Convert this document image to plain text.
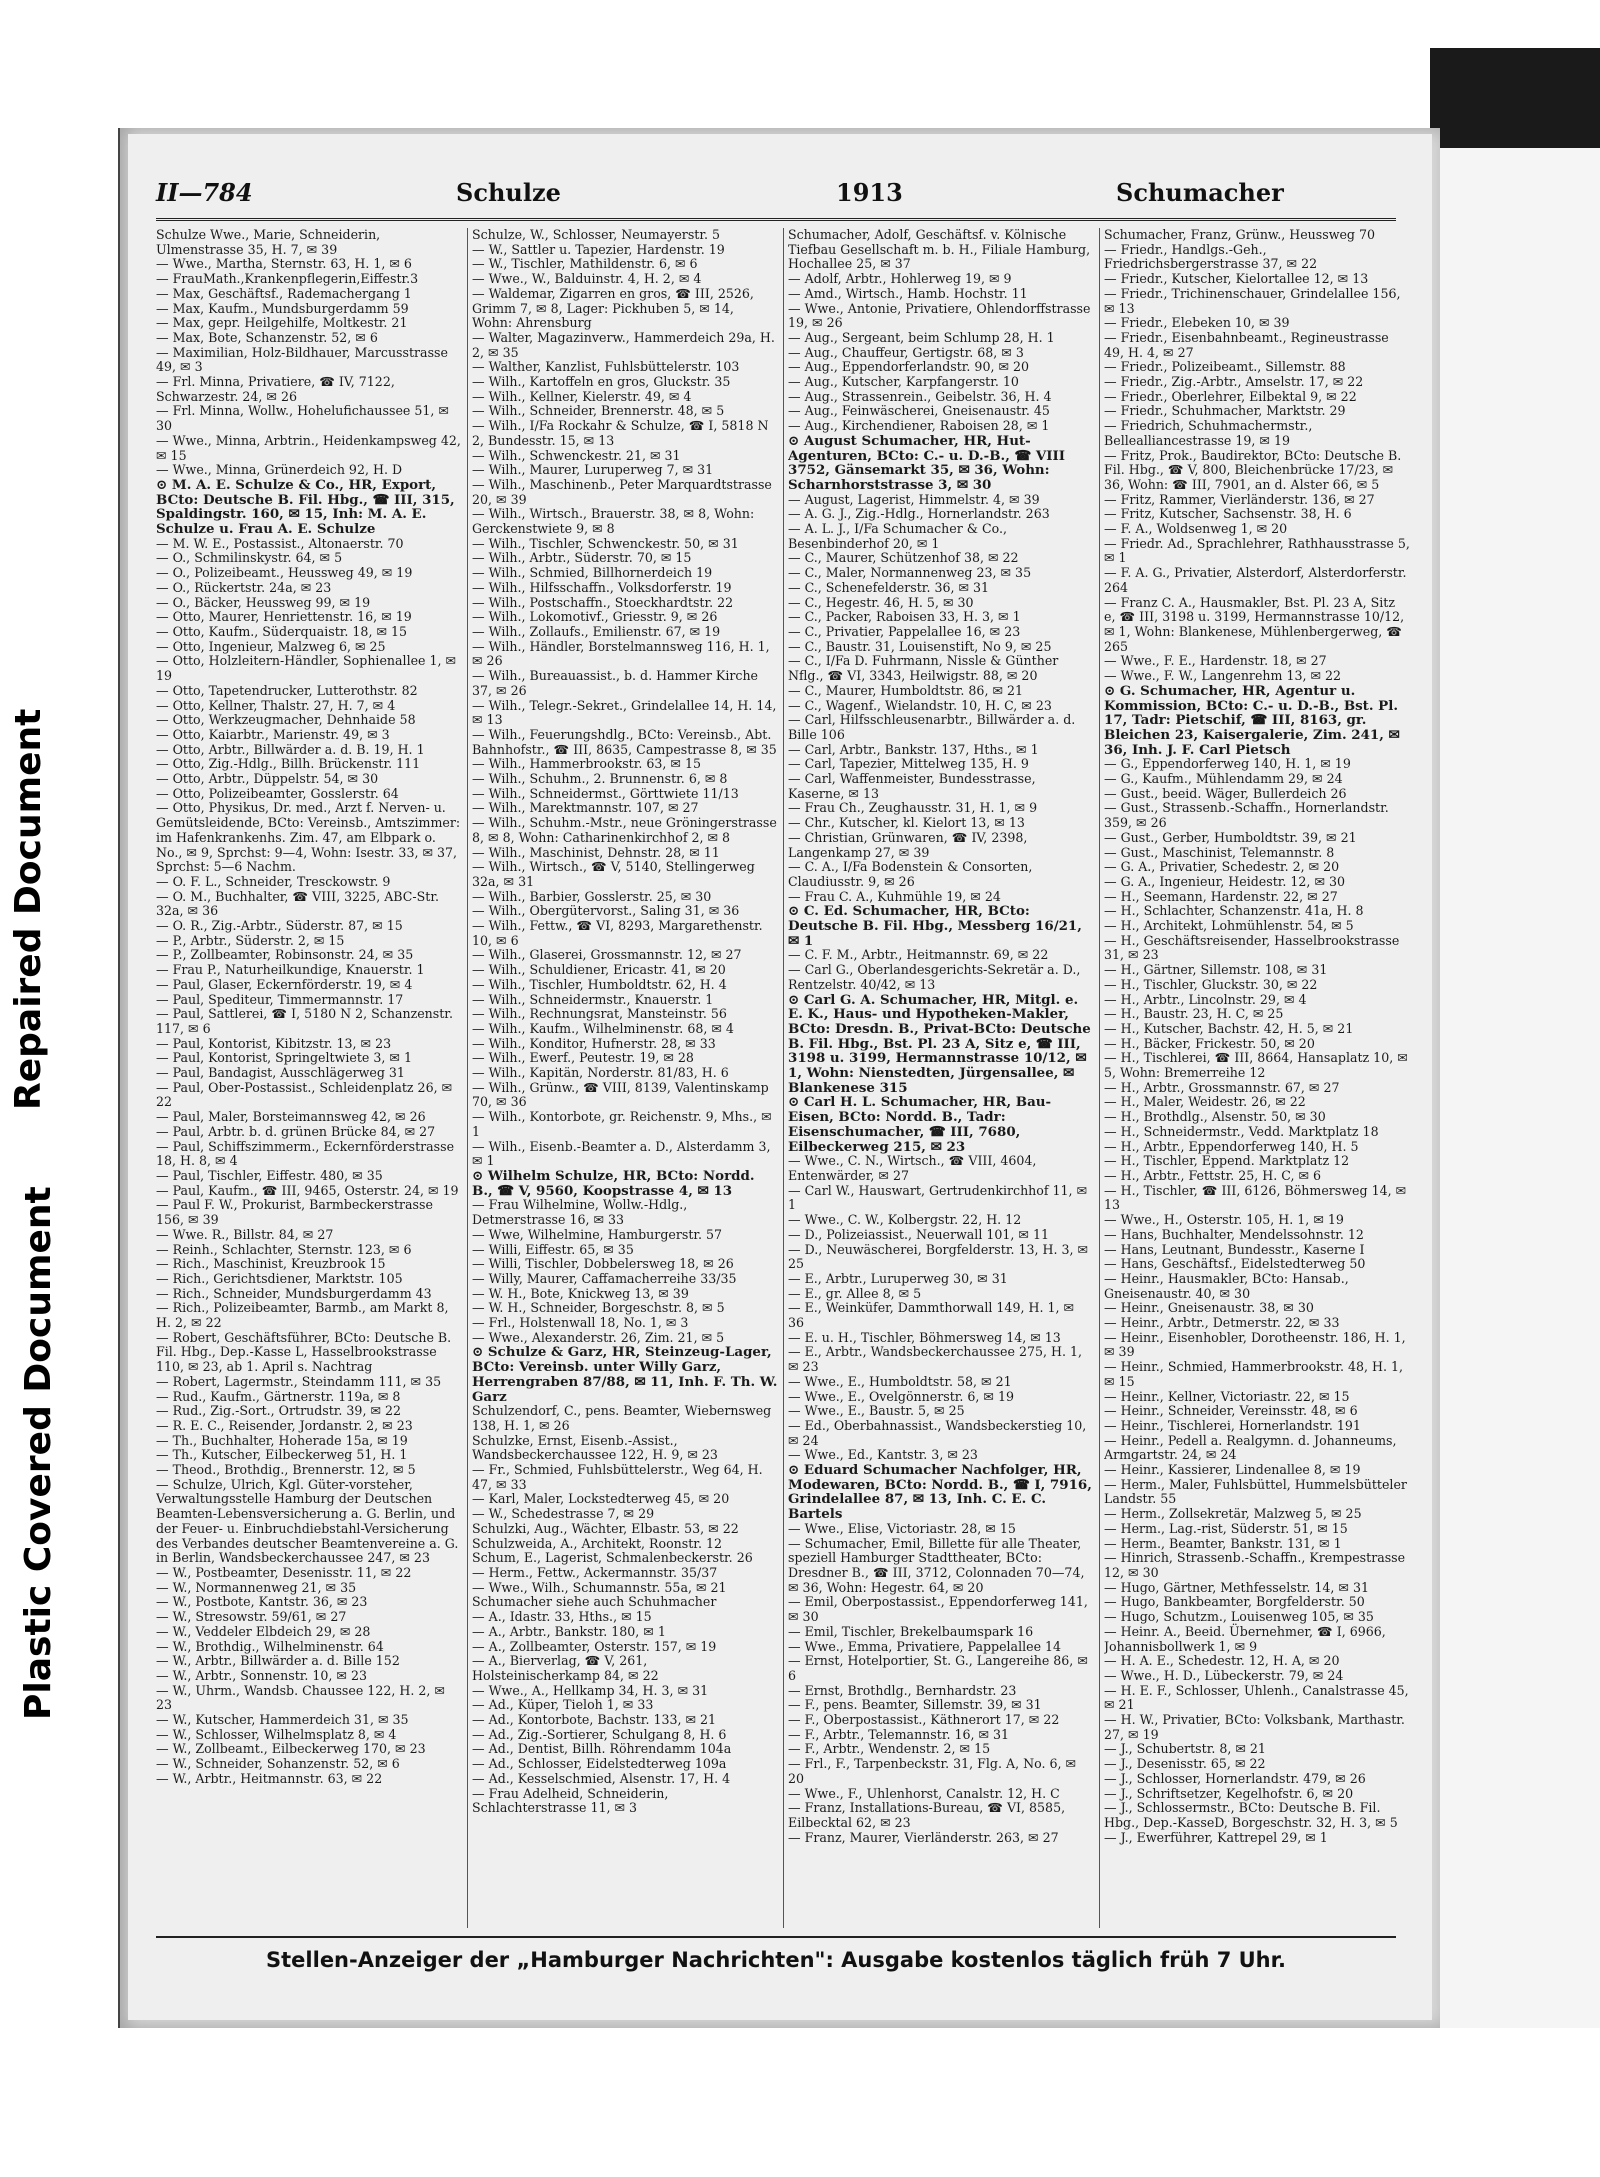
Repaired Document
Plastic Covered Document
II—784	Schulze	1913	Schumacher

Schulze Wwe., Marie, Schneiderin, Ulmenstrasse 35, H. 7, ✉ 39

— Wwe., Martha, Sternstr. 63, H. 1, ✉ 6

— FrauMath.,Krankenpflegerin,Eiffestr.3

— Max, Geschäftsf., Rademachergang 1

— Max, Kaufm., Mundsburgerdamm 59

— Max, gepr. Heilgehilfe, Moltkestr. 21

— Max, Bote, Schanzenstr. 52, ✉ 6

— Maximilian, Holz-Bildhauer, Marcusstrasse 49, ✉ 3

— Frl. Minna, Privatiere, ☎ IV, 7122, Schwarzestr. 24, ✉ 26

— Frl. Minna, Wollw., Hohelufichaussee 51, ✉ 30

— Wwe., Minna, Arbtrin., Heidenkampsweg 42, ✉ 15

— Wwe., Minna, Grünerdeich 92, H. D

⊙ M. A. E. Schulze & Co., HR, Export, BCto: Deutsche B. Fil. Hbg., ☎ III, 315, Spaldingstr. 160, ✉ 15, Inh: M. A. E. Schulze u. Frau A. E. Schulze

— M. W. E., Postassist., Altonaerstr. 70

— O., Schmilinskystr. 64, ✉ 5

— O., Polizeibeamt., Heussweg 49, ✉ 19

— O., Rückertstr. 24a, ✉ 23

— O., Bäcker, Heussweg 99, ✉ 19

— Otto, Maurer, Henriettenstr. 16, ✉ 19

— Otto, Kaufm., Süderquaistr. 18, ✉ 15

— Otto, Ingenieur, Malzweg 6, ✉ 25

— Otto, Holzleitern-Händler, Sophienallee 1, ✉ 19

— Otto, Tapetendrucker, Lutterothstr. 82

— Otto, Kellner, Thalstr. 27, H. 7, ✉ 4

— Otto, Werkzeugmacher, Dehnhaide 58

— Otto, Kaiarbtr., Marienstr. 49, ✉ 3

— Otto, Arbtr., Billwärder a. d. B. 19, H. 1

— Otto, Zig.-Hdlg., Billh. Brückenstr. 111

— Otto, Arbtr., Düppelstr. 54, ✉ 30

— Otto, Polizeibeamter, Gosslerstr. 64

— Otto, Physikus, Dr. med., Arzt f. Nerven- u. Gemütsleidende, BCto: Vereinsb., Amtszimmer: im Hafenkrankenhs. Zim. 47, am Elbpark o. No., ✉ 9, Sprchst: 9—4, Wohn: Isestr. 33, ✉ 37, Sprchst: 5—6 Nachm.

— O. F. L., Schneider, Tresckowstr. 9

— O. M., Buchhalter, ☎ VIII, 3225, ABC-Str. 32a, ✉ 36

— O. R., Zig.-Arbtr., Süderstr. 87, ✉ 15

— P., Arbtr., Süderstr. 2, ✉ 15

— P., Zollbeamter, Robinsonstr. 24, ✉ 35

— Frau P., Naturheilkundige, Knauerstr. 1

— Paul, Glaser, Eckernförderstr. 19, ✉ 4

— Paul, Spediteur, Timmermannstr. 17

— Paul, Sattlerei, ☎ I, 5180 N 2, Schanzenstr. 117, ✉ 6

— Paul, Kontorist, Kibitzstr. 13, ✉ 23

— Paul, Kontorist, Springeltwiete 3, ✉ 1

— Paul, Bandagist, Ausschlägerweg 31

— Paul, Ober-Postassist., Schleidenplatz 26, ✉ 22

— Paul, Maler, Borsteimannsweg 42, ✉ 26

— Paul, Arbtr. b. d. grünen Brücke 84, ✉ 27

— Paul, Schiffszimmerm., Eckernförderstrasse 18, H. 8, ✉ 4

— Paul, Tischler, Eiffestr. 480, ✉ 35

— Paul, Kaufm., ☎ III, 9465, Osterstr. 24, ✉ 19

— Paul F. W., Prokurist, Barmbeckerstrasse 156, ✉ 39

— Wwe. R., Billstr. 84, ✉ 27

— Reinh., Schlachter, Sternstr. 123, ✉ 6

— Rich., Maschinist, Kreuzbrook 15

— Rich., Gerichtsdiener, Marktstr. 105

— Rich., Schneider, Mundsburgerdamm 43

— Rich., Polizeibeamter, Barmb., am Markt 8, H. 2, ✉ 22

— Robert, Geschäftsführer, BCto: Deutsche B. Fil. Hbg., Dep.-Kasse L, Hasselbrookstrasse 110, ✉ 23, ab 1. April s. Nachtrag

— Robert, Lagermstr., Steindamm 111, ✉ 35

— Rud., Kaufm., Gärtnerstr. 119a, ✉ 8

— Rud., Zig.-Sort., Ortrudstr. 39, ✉ 22

— R. E. C., Reisender, Jordanstr. 2, ✉ 23

— Th., Buchhalter, Hoherade 15a, ✉ 19

— Th., Kutscher, Eilbeckerweg 51, H. 1

— Theod., Brothdig., Brennerstr. 12, ✉ 5

— Schulze, Ulrich, Kgl. Güter-vorsteher, Verwaltungsstelle Hamburg der Deutschen Beamten-Lebensversicherung a. G. Berlin, und der Feuer- u. Einbruchdiebstahl-Versicherung des Verbandes deutscher Beamtenvereine a. G. in Berlin, Wandsbeckerchaussee 247, ✉ 23

— W., Postbeamter, Desenisstr. 11, ✉ 22

— W., Normannenweg 21, ✉ 35

— W., Postbote, Kantstr. 36, ✉ 23

— W., Stresowstr. 59/61, ✉ 27

— W., Veddeler Elbdeich 29, ✉ 28

— W., Brothdig., Wilhelminenstr. 64

— W., Arbtr., Billwärder a. d. Bille 152

— W., Arbtr., Sonnenstr. 10, ✉ 23

— W., Uhrm., Wandsb. Chaussee 122, H. 2, ✉ 23

— W., Kutscher, Hammerdeich 31, ✉ 35

— W., Schlosser, Wilhelmsplatz 8, ✉ 4

— W., Zollbeamt., Eilbeckerweg 170, ✉ 23

— W., Schneider, Sohanzenstr. 52, ✉ 6

— W., Arbtr., Heitmannstr. 63, ✉ 22

Schulze, W., Schlosser, Neumayerstr. 5

— W., Sattler u. Tapezier, Hardenstr. 19

— W., Tischler, Mathildenstr. 6, ✉ 6

— Wwe., W., Balduinstr. 4, H. 2, ✉ 4

— Waldemar, Zigarren en gros, ☎ III, 2526, Grimm 7, ✉ 8, Lager: Pickhuben 5, ✉ 14, Wohn: Ahrensburg

— Walter, Magazinverw., Hammerdeich 29a, H. 2, ✉ 35

— Walther, Kanzlist, Fuhlsbüttelerstr. 103

— Wilh., Kartoffeln en gros, Gluckstr. 35

— Wilh., Kellner, Kielerstr. 49, ✉ 4

— Wilh., Schneider, Brennerstr. 48, ✉ 5

— Wilh., I/Fa Rockahr & Schulze, ☎ I, 5818 N 2, Bundesstr. 15, ✉ 13

— Wilh., Schwenckestr. 21, ✉ 31

— Wilh., Maurer, Luruperweg 7, ✉ 31

— Wilh., Maschinenb., Peter Marquardtstrasse 20, ✉ 39

— Wilh., Wirtsch., Brauerstr. 38, ✉ 8, Wohn: Gerckenstwiete 9, ✉ 8

— Wilh., Tischler, Schwenckestr. 50, ✉ 31

— Wilh., Arbtr., Süderstr. 70, ✉ 15

— Wilh., Schmied, Billhornerdeich 19

— Wilh., Hilfsschaffn., Volksdorferstr. 19

— Wilh., Postschaffn., Stoeckhardtstr. 22

— Wilh., Lokomotivf., Griesstr. 9, ✉ 26

— Wilh., Zollaufs., Emilienstr. 67, ✉ 19

— Wilh., Händler, Borstelmannsweg 116, H. 1, ✉ 26

— Wilh., Bureauassist., b. d. Hammer Kirche 37, ✉ 26

— Wilh., Telegr.-Sekret., Grindelallee 14, H. 14, ✉ 13

— Wilh., Feuerungshdlg., BCto: Vereinsb., Abt. Bahnhofstr., ☎ III, 8635, Campestrasse 8, ✉ 35

— Wilh., Hammerbrookstr. 63, ✉ 15

— Wilh., Schuhm., 2. Brunnenstr. 6, ✉ 8

— Wilh., Schneidermst., Görttwiete 11/13

— Wilh., Marektmannstr. 107, ✉ 27

— Wilh., Schuhm.-Mstr., neue Gröningerstrasse 8, ✉ 8, Wohn: Catharinenkirchhof 2, ✉ 8

— Wilh., Maschinist, Dehnstr. 28, ✉ 11

— Wilh., Wirtsch., ☎ V, 5140, Stellingerweg 32a, ✉ 31

— Wilh., Barbier, Gosslerstr. 25, ✉ 30

— Wilh., Obergütervorst., Saling 31, ✉ 36

— Wilh., Fettw., ☎ VI, 8293, Margarethenstr. 10, ✉ 6

— Wilh., Glaserei, Grossmannstr. 12, ✉ 27

— Wilh., Schuldiener, Ericastr. 41, ✉ 20

— Wilh., Tischler, Humboldtstr. 62, H. 4

— Wilh., Schneidermstr., Knauerstr. 1

— Wilh., Rechnungsrat, Mansteinstr. 56

— Wilh., Kaufm., Wilhelminenstr. 68, ✉ 4

— Wilh., Konditor, Hufnerstr. 28, ✉ 33

— Wilh., Ewerf., Peutestr. 19, ✉ 28

— Wilh., Kapitän, Norderstr. 81/83, H. 6

— Wilh., Grünw., ☎ VIII, 8139, Valentinskamp 70, ✉ 36

— Wilh., Kontorbote, gr. Reichenstr. 9, Mhs., ✉ 1

— Wilh., Eisenb.-Beamter a. D., Alsterdamm 3, ✉ 1

⊙ Wilhelm Schulze, HR, BCto: Nordd. B., ☎ V, 9560, Koopstrasse 4, ✉ 13

— Frau Wilhelmine, Wollw.-Hdlg., Detmerstrasse 16, ✉ 33

— Wwe, Wilhelmine, Hamburgerstr. 57

— Willi, Eiffestr. 65, ✉ 35

— Willi, Tischler, Dobbelersweg 18, ✉ 26

— Willy, Maurer, Caffamacherreihe 33/35

— W. H., Bote, Knickweg 13, ✉ 39

— W. H., Schneider, Borgeschstr. 8, ✉ 5

— Frl., Holstenwall 18, No. 1, ✉ 3

— Wwe., Alexanderstr. 26, Zim. 21, ✉ 5

⊙ Schulze & Garz, HR, Steinzeug-Lager, BCto: Vereinsb. unter Willy Garz, Herrengraben 87/88, ✉ 11, Inh. F. Th. W. Garz

Schulzendorf, C., pens. Beamter, Wiebernsweg 138, H. 1, ✉ 26

Schulzke, Ernst, Eisenb.-Assist., Wandsbeckerchaussee 122, H. 9, ✉ 23

— Fr., Schmied, Fuhlsbüttelerstr., Weg 64, H. 47, ✉ 33

— Karl, Maler, Lockstedterweg 45, ✉ 20

— W., Schedestrasse 7, ✉ 29

Schulzki, Aug., Wächter, Elbastr. 53, ✉ 22

Schulzweida, A., Architekt, Roonstr. 12

Schum, E., Lagerist, Schmalenbeckerstr. 26

— Herm., Fettw., Ackermannstr. 35/37

— Wwe., Wilh., Schumannstr. 55a, ✉ 21

Schumacher siehe auch Schuhmacher

— A., Idastr. 33, Hths., ✉ 15

— A., Arbtr., Bankstr. 180, ✉ 1

— A., Zollbeamter, Osterstr. 157, ✉ 19

— A., Bierverlag, ☎ V, 261, Holsteinischerkamp 84, ✉ 22

— Wwe., A., Hellkamp 34, H. 3, ✉ 31

— Ad., Küper, Tieloh 1, ✉ 33

— Ad., Kontorbote, Bachstr. 133, ✉ 21

— Ad., Zig.-Sortierer, Schulgang 8, H. 6

— Ad., Dentist, Billh. Röhrendamm 104a

— Ad., Schlosser, Eidelstedterweg 109a

— Ad., Kesselschmied, Alsenstr. 17, H. 4

— Frau Adelheid, Schneiderin, Schlachterstrasse 11, ✉ 3

Schumacher, Adolf, Geschäftsf. v. Kölnische Tiefbau Gesellschaft m. b. H., Filiale Hamburg, Hochallee 25, ✉ 37

— Adolf, Arbtr., Hohlerweg 19, ✉ 9

— Amd., Wirtsch., Hamb. Hochstr. 11

— Wwe., Antonie, Privatiere, Ohlendorffstrasse 19, ✉ 26

— Aug., Sergeant, beim Schlump 28, H. 1

— Aug., Chauffeur, Gertigstr. 68, ✉ 3

— Aug., Eppendorferlandstr. 90, ✉ 20

— Aug., Kutscher, Karpfangerstr. 10

— Aug., Strassenrein., Geibelstr. 36, H. 4

— Aug., Feinwäscherei, Gneisenaustr. 45

— Aug., Kirchendiener, Raboisen 28, ✉ 1

⊙ August Schumacher, HR, Hut-Agenturen, BCto: C.- u. D.-B., ☎ VIII 3752, Gänsemarkt 35, ✉ 36, Wohn: Scharnhorststrasse 3, ✉ 30

— August, Lagerist, Himmelstr. 4, ✉ 39

— A. G. J., Zig.-Hdlg., Hornerlandstr. 263

— A. L. J., I/Fa Schumacher & Co., Besenbinderhof 20, ✉ 1

— C., Maurer, Schützenhof 38, ✉ 22

— C., Maler, Normannenweg 23, ✉ 35

— C., Schenefelderstr. 36, ✉ 31

— C., Hegestr. 46, H. 5, ✉ 30

— C., Packer, Raboisen 33, H. 3, ✉ 1

— C., Privatier, Pappelallee 16, ✉ 23

— C., Baustr. 31, Louisenstift, No 9, ✉ 25

— C., I/Fa D. Fuhrmann, Nissle & Günther Nflg., ☎ VI, 3343, Heilwigstr. 88, ✉ 20

— C., Maurer, Humboldtstr. 86, ✉ 21

— C., Wagenf., Wielandstr. 10, H. C, ✉ 23

— Carl, Hilfsschleusenarbtr., Billwärder a. d. Bille 106

— Carl, Arbtr., Bankstr. 137, Hths., ✉ 1

— Carl, Tapezier, Mittelweg 135, H. 9

— Carl, Waffenmeister, Bundesstrasse, Kaserne, ✉ 13

— Frau Ch., Zeughausstr. 31, H. 1, ✉ 9

— Chr., Kutscher, kl. Kielort 13, ✉ 13

— Christian, Grünwaren, ☎ IV, 2398, Langenkamp 27, ✉ 39

— C. A., I/Fa Bodenstein & Consorten, Claudiusstr. 9, ✉ 26

— Frau C. A., Kuhmühle 19, ✉ 24

⊙ C. Ed. Schumacher, HR, BCto: Deutsche B. Fil. Hbg., Messberg 16/21, ✉ 1

— C. F. M., Arbtr., Heitmannstr. 69, ✉ 22

— Carl G., Oberlandesgerichts-Sekretär a. D., Rentzelstr. 40/42, ✉ 13

⊙ Carl G. A. Schumacher, HR, Mitgl. e. E. K., Haus- und Hypotheken-Makler, BCto: Dresdn. B., Privat-BCto: Deutsche B. Fil. Hbg., Bst. Pl. 23 A, Sitz e, ☎ III, 3198 u. 3199, Hermannstrasse 10/12, ✉ 1, Wohn: Nienstedten, Jürgensallee, ✉ Blankenese 315

⊙ Carl H. L. Schumacher, HR, Bau-Eisen, BCto: Nordd. B., Tadr: Eisenschumacher, ☎ III, 7680, Eilbeckerweg 215, ✉ 23

— Wwe., C. N., Wirtsch., ☎ VIII, 4604, Entenwärder, ✉ 27

— Carl W., Hauswart, Gertrudenkirchhof 11, ✉ 1

— Wwe., C. W., Kolbergstr. 22, H. 12

— D., Polizeiassist., Neuerwall 101, ✉ 11

— D., Neuwäscherei, Borgfelderstr. 13, H. 3, ✉ 25

— E., Arbtr., Luruperweg 30, ✉ 31

— E., gr. Allee 8, ✉ 5

— E., Weinküfer, Dammthorwall 149, H. 1, ✉ 36

— E. u. H., Tischler, Böhmersweg 14, ✉ 13

— E., Arbtr., Wandsbeckerchaussee 275, H. 1, ✉ 23

— Wwe., E., Humboldtstr. 58, ✉ 21

— Wwe., E., Ovelgönnerstr. 6, ✉ 19

— Wwe., E., Baustr. 5, ✉ 25

— Ed., Oberbahnassist., Wandsbeckerstieg 10, ✉ 24

— Wwe., Ed., Kantstr. 3, ✉ 23

⊙ Eduard Schumacher Nachfolger, HR, Modewaren, BCto: Nordd. B., ☎ I, 7916, Grindelallee 87, ✉ 13, Inh. C. E. C. Bartels

— Wwe., Elise, Victoriastr. 28, ✉ 15

— Schumacher, Emil, Billette für alle Theater, speziell Hamburger Stadttheater, BCto: Dresdner B., ☎ III, 3712, Colonnaden 70—74, ✉ 36, Wohn: Hegestr. 64, ✉ 20

— Emil, Oberpostassist., Eppendorferweg 141, ✉ 30

— Emil, Tischler, Brekelbaumspark 16

— Wwe., Emma, Privatiere, Pappelallee 14

— Ernst, Hotelportier, St. G., Langereihe 86, ✉ 6

— Ernst, Brothdlg., Bernhardstr. 23

— F., pens. Beamter, Sillemstr. 39, ✉ 31

— F., Oberpostassist., Käthnerort 17, ✉ 22

— F., Arbtr., Telemannstr. 16, ✉ 31

— F., Arbtr., Wendenstr. 2, ✉ 15

— Frl., F., Tarpenbeckstr. 31, Flg. A, No. 6, ✉ 20

— Wwe., F., Uhlenhorst, Canalstr. 12, H. C

— Franz, Installations-Bureau, ☎ VI, 8585, Eilbecktal 62, ✉ 23

— Franz, Maurer, Vierländerstr. 263, ✉ 27

Schumacher, Franz, Grünw., Heussweg 70

— Friedr., Handlgs.-Geh., Friedrichsbergerstrasse 37, ✉ 22

— Friedr., Kutscher, Kielortallee 12, ✉ 13

— Friedr., Trichinenschauer, Grindelallee 156, ✉ 13

— Friedr., Elebeken 10, ✉ 39

— Friedr., Eisenbahnbeamt., Regineustrasse 49, H. 4, ✉ 27

— Friedr., Polizeibeamt., Sillemstr. 88

— Friedr., Zig.-Arbtr., Amselstr. 17, ✉ 22

— Friedr., Oberlehrer, Eilbektal 9, ✉ 22

— Friedr., Schuhmacher, Marktstr. 29

— Friedrich, Schuhmachermstr., Bellealliancestrasse 19, ✉ 19

— Fritz, Prok., Baudirektor, BCto: Deutsche B. Fil. Hbg., ☎ V, 800, Bleichenbrücke 17/23, ✉ 36, Wohn: ☎ III, 7901, an d. Alster 66, ✉ 5

— Fritz, Rammer, Vierländerstr. 136, ✉ 27

— Fritz, Kutscher, Sachsenstr. 38, H. 6

— F. A., Woldsenweg 1, ✉ 20

— Friedr. Ad., Sprachlehrer, Rathhausstrasse 5, ✉ 1

— F. A. G., Privatier, Alsterdorf, Alsterdorferstr. 264

— Franz C. A., Hausmakler, Bst. Pl. 23 A, Sitz e, ☎ III, 3198 u. 3199, Hermannstrasse 10/12, ✉ 1, Wohn: Blankenese, Mühlenbergerweg, ☎ 265

— Wwe., F. E., Hardenstr. 18, ✉ 27

— Wwe., F. W., Langenrehm 13, ✉ 22

⊙ G. Schumacher, HR, Agentur u. Kommission, BCto: C.- u. D.-B., Bst. Pl. 17, Tadr: Pietschif, ☎ III, 8163, gr. Bleichen 23, Kaisergalerie, Zim. 241, ✉ 36, Inh. J. F. Carl Pietsch

— G., Eppendorferweg 140, H. 1, ✉ 19

— G., Kaufm., Mühlendamm 29, ✉ 24

— Gust., beeid. Wäger, Bullerdeich 26

— Gust., Strassenb.-Schaffn., Hornerlandstr. 359, ✉ 26

— Gust., Gerber, Humboldtstr. 39, ✉ 21

— Gust., Maschinist, Telemannstr. 8

— G. A., Privatier, Schedestr. 2, ✉ 20

— G. A., Ingenieur, Heidestr. 12, ✉ 30

— H., Seemann, Hardenstr. 22, ✉ 27

— H., Schlachter, Schanzenstr. 41a, H. 8

— H., Architekt, Lohmühlenstr. 54, ✉ 5

— H., Geschäftsreisender, Hasselbrookstrasse 31, ✉ 23

— H., Gärtner, Sillemstr. 108, ✉ 31

— H., Tischler, Gluckstr. 30, ✉ 22

— H., Arbtr., Lincolnstr. 29, ✉ 4

— H., Baustr. 23, H. C, ✉ 25

— H., Kutscher, Bachstr. 42, H. 5, ✉ 21

— H., Bäcker, Frickestr. 50, ✉ 20

— H., Tischlerei, ☎ III, 8664, Hansaplatz 10, ✉ 5, Wohn: Bremerreihe 12

— H., Arbtr., Grossmannstr. 67, ✉ 27

— H., Maler, Weidestr. 26, ✉ 22

— H., Brothdlg., Alsenstr. 50, ✉ 30

— H., Schneidermstr., Vedd. Marktplatz 18

— H., Arbtr., Eppendorferweg 140, H. 5

— H., Tischler, Eppend. Marktplatz 12

— H., Arbtr., Fettstr. 25, H. C, ✉ 6

— H., Tischler, ☎ III, 6126, Böhmersweg 14, ✉ 13

— Wwe., H., Osterstr. 105, H. 1, ✉ 19

— Hans, Buchhalter, Mendelssohnstr. 12

— Hans, Leutnant, Bundesstr., Kaserne I

— Hans, Geschäftsf., Eidelstedterweg 50

— Heinr., Hausmakler, BCto: Hansab., Gneisenaustr. 40, ✉ 30

— Heinr., Gneisenaustr. 38, ✉ 30

— Heinr., Arbtr., Detmerstr. 22, ✉ 33

— Heinr., Eisenhobler, Dorotheenstr. 186, H. 1, ✉ 39

— Heinr., Schmied, Hammerbrookstr. 48, H. 1, ✉ 15

— Heinr., Kellner, Victoriastr. 22, ✉ 15

— Heinr., Schneider, Vereinsstr. 48, ✉ 6

— Heinr., Tischlerei, Hornerlandstr. 191

— Heinr., Pedell a. Realgymn. d. Johanneums, Armgartstr. 24, ✉ 24

— Heinr., Kassierer, Lindenallee 8, ✉ 19

— Herm., Maler, Fuhlsbüttel, Hummelsbütteler Landstr. 55

— Herm., Zollsekretär, Malzweg 5, ✉ 25

— Herm., Lag.-rist, Süderstr. 51, ✉ 15

— Herm., Beamter, Bankstr. 131, ✉ 1

— Hinrich, Strassenb.-Schaffn., Krempestrasse 12, ✉ 30

— Hugo, Gärtner, Methfesselstr. 14, ✉ 31

— Hugo, Bankbeamter, Borgfelderstr. 50

— Hugo, Schutzm., Louisenweg 105, ✉ 35

— Heinr. A., Beeid. Übernehmer, ☎ I, 6966, Johannisbollwerk 1, ✉ 9

— H. A. E., Schedestr. 12, H. A, ✉ 20

— Wwe., H. D., Lübeckerstr. 79, ✉ 24

— H. E. F., Schlosser, Uhlenh., Canalstrasse 45, ✉ 21

— H. W., Privatier, BCto: Volksbank, Marthastr. 27, ✉ 19

— J., Schubertstr. 8, ✉ 21

— J., Desenisstr. 65, ✉ 22

— J., Schlosser, Hornerlandstr. 479, ✉ 26

— J., Schriftsetzer, Kegelhofstr. 6, ✉ 20

— J., Schlossermstr., BCto: Deutsche B. Fil. Hbg., Dep.-KasseD, Borgeschstr. 32, H. 3, ✉ 5

— J., Ewerführer, Kattrepel 29, ✉ 1

Stellen-Anzeiger der „Hamburger Nachrichten": Ausgabe kostenlos täglich früh 7 Uhr.
